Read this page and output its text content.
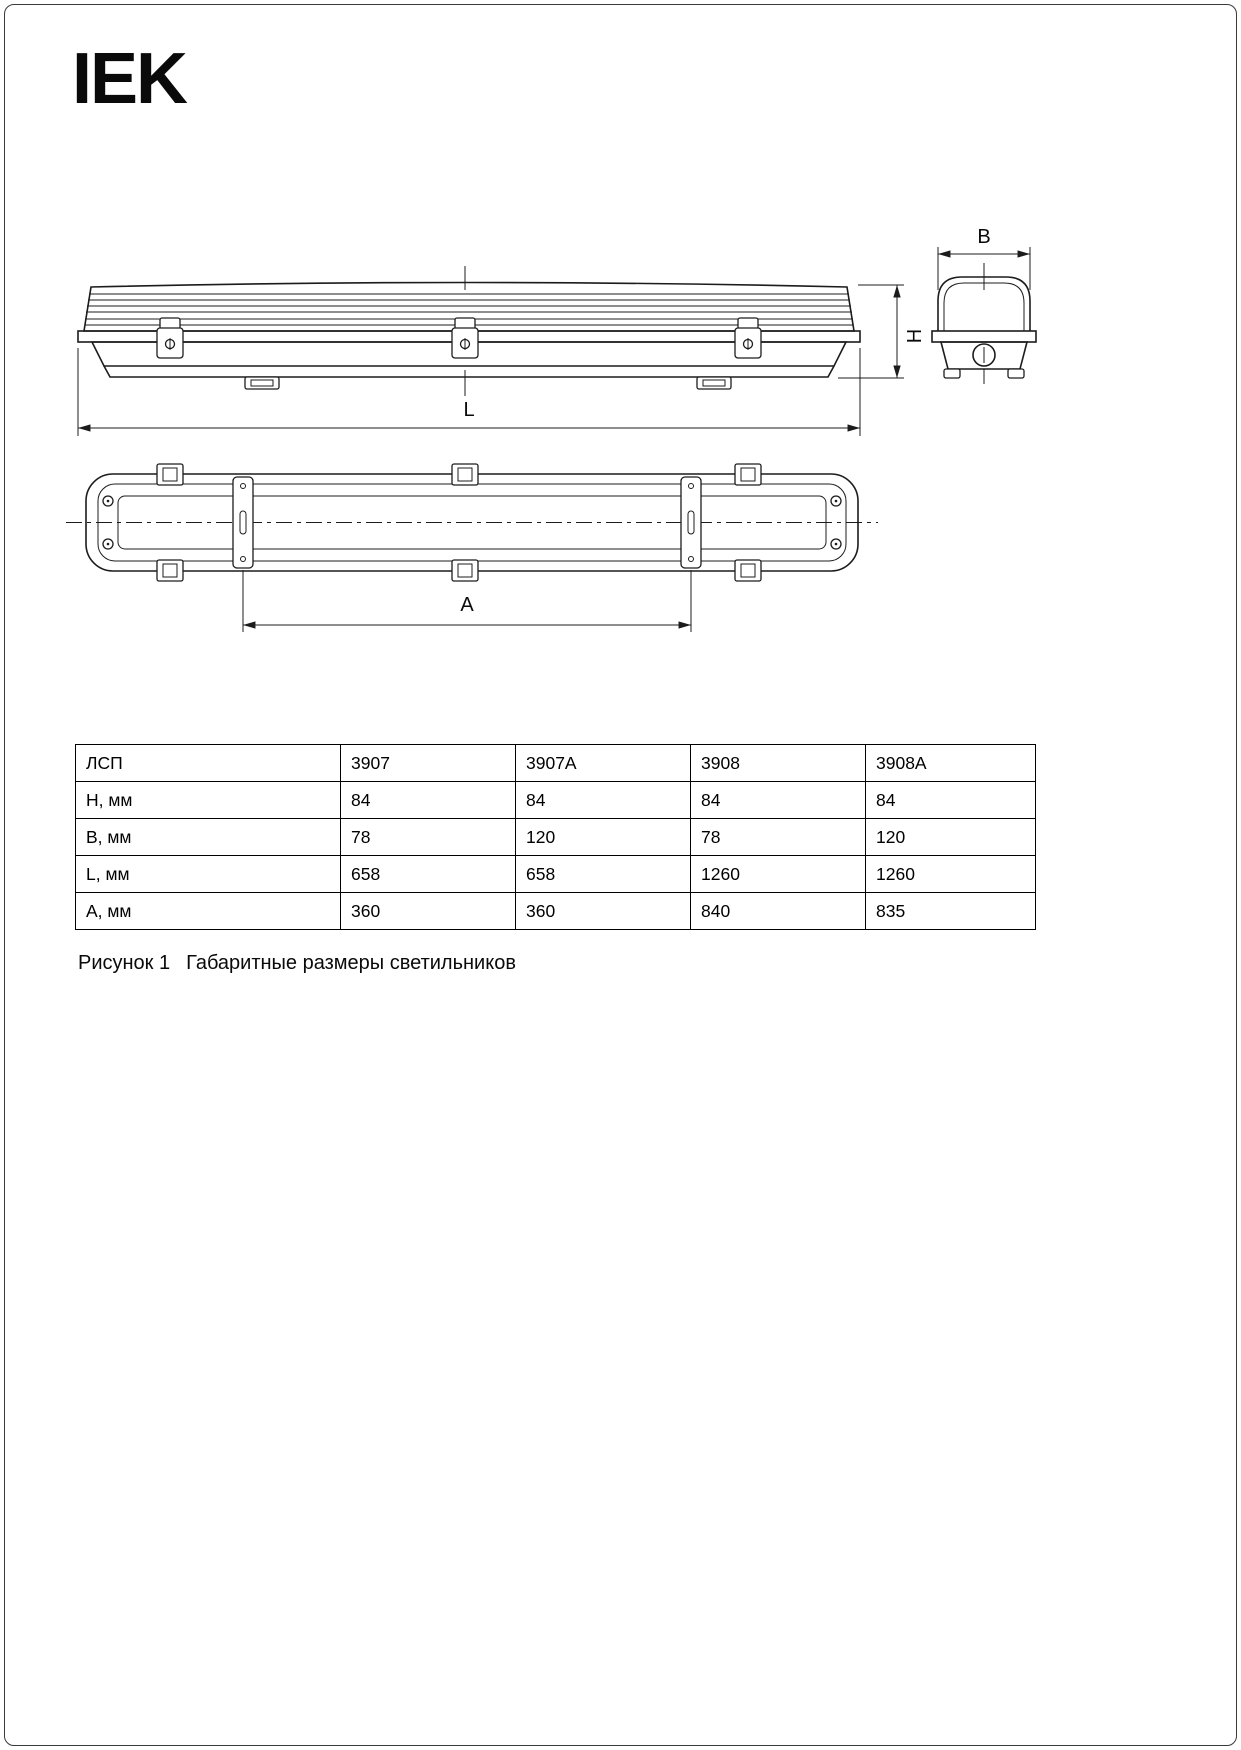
IEK
H
L
B
A
ЛСП	3907	3907А	3908	3908А
Н, мм	84	84	84	84
В, мм	78	120	78	120
L, мм	658	658	1260	1260
А, мм	360	360	840	835
Рисунок 1 Габаритные размеры светильников
